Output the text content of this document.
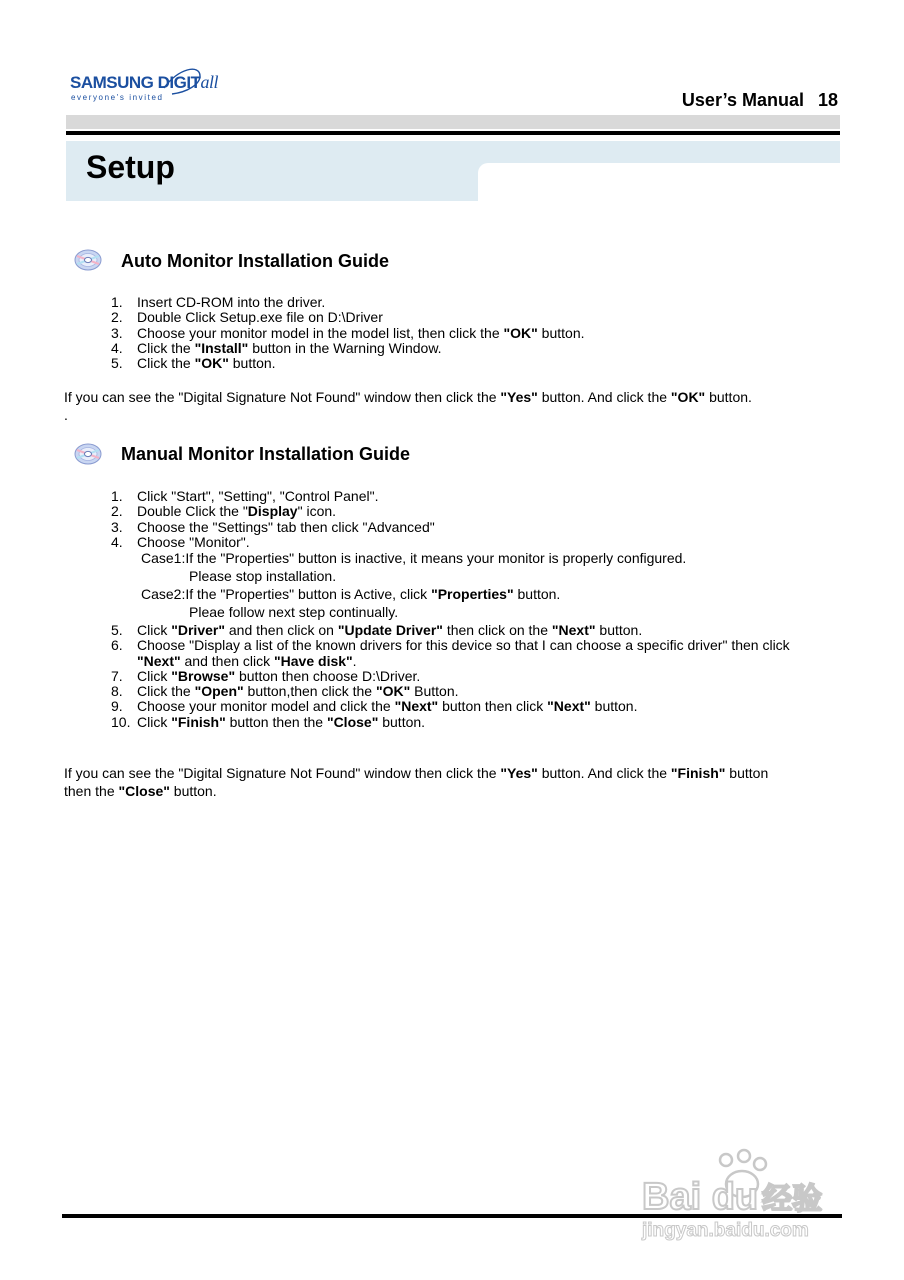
SAMSUNG DIGITall
everyone's invited	User’s Manual 18
Setup
Auto Monitor Installation Guide
1. Insert CD-ROM into the driver.
2. Double Click Setup.exe file on D:\Driver
3. Choose your monitor model in the model list, then click the "OK" button.
4. Click the "Install" button in the Warning Window.
5. Click the "OK" button.
If you can see the "Digital Signature Not Found" window then click the "Yes" button. And click the "OK" button.
.
Manual Monitor Installation Guide
1. Click "Start", "Setting", "Control Panel".
2. Double Click the "Display" icon.
3. Choose the "Settings" tab then click "Advanced"
4. Choose "Monitor".
Case1:If the "Properties" button is inactive, it means your monitor is properly configured.
Please stop installation.
Case2:If the "Properties" button is Active, click "Properties" button.
Pleae follow next step continually.
5. Click "Driver" and then click on "Update Driver" then click on the "Next" button.
6. Choose "Display a list of the known drivers for this device so that I can choose a specific driver" then click
"Next" and then click "Have disk".
7. Click "Browse" button then choose D:\Driver.
8. Click the "Open" button,then click the "OK" Button.
9. Choose your monitor model and click the "Next" button then click "Next" button.
10. Click "Finish" button then the "Close" button.
If you can see the "Digital Signature Not Found" window then click the "Yes" button. And click the "Finish" button
then the "Close" button.
Bai du 经验
jingyan.baidu.com
